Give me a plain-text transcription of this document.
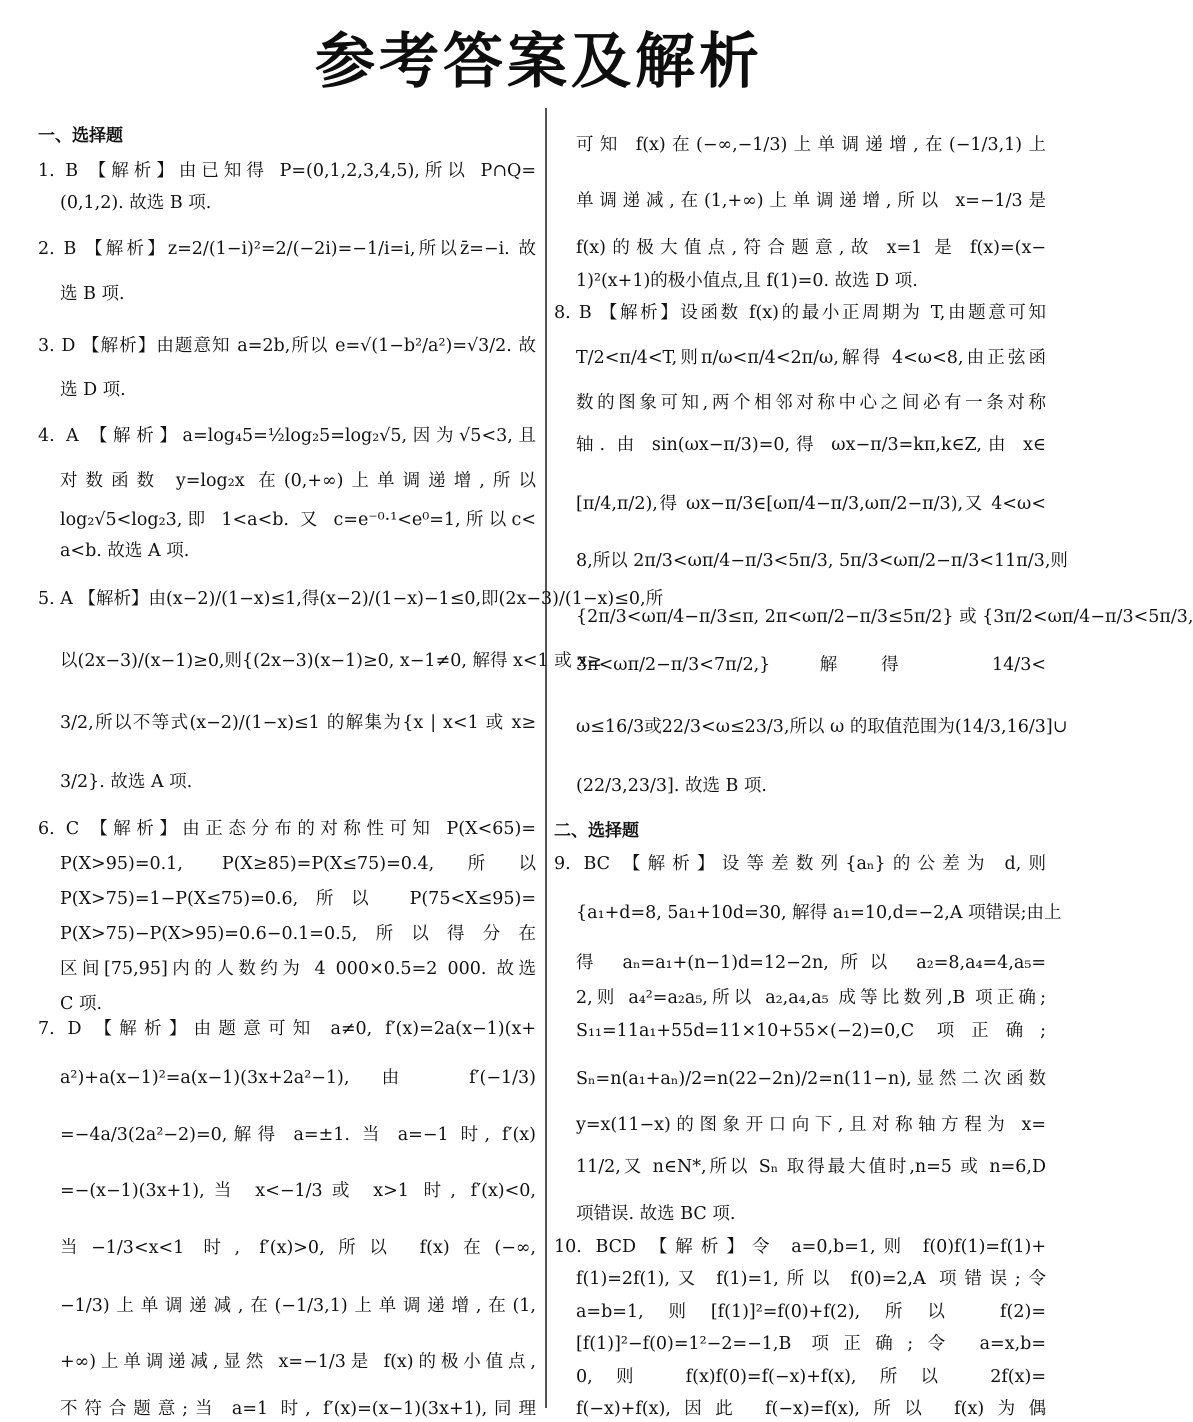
参考答案及解析
一、选择题
1. B 【解析】由已知得 P=(0,1,2,3,4,5),所以 P∩Q=
(0,1,2). 故选 B 项.
2. B 【解析】z=2/(1−i)²=2/(−2i)=−1/i=i,所以z̄=−i. 故
选 B 项.
3. D 【解析】由题意知 a=2b,所以 e=√(1−b²/a²)=√3/2. 故
选 D 项.
4. A 【解析】a=log₄5=½log₂5=log₂√5,因为√5<3,且
对数函数 y=log₂x 在(0,+∞)上单调递增,所以
log₂√5<log₂3,即 1<a<b. 又 c=e⁻⁰·¹<e⁰=1,所以c<
a<b. 故选 A 项.
5. A 【解析】由(x−2)/(1−x)≤1,得(x−2)/(1−x)−1≤0,即(2x−3)/(1−x)≤0,所
以(2x−3)/(x−1)≥0,则{(2x−3)(x−1)≥0, x−1≠0, 解得 x<1 或 x≥
3/2,所以不等式(x−2)/(1−x)≤1 的解集为{x | x<1 或 x≥
3/2}. 故选 A 项.
6. C 【解析】由正态分布的对称性可知 P(X<65)=
P(X>95)=0.1, P(X≥85)=P(X≤75)=0.4,所以
P(X>75)=1−P(X≤75)=0.6,所以 P(75<X≤95)=
P(X>75)−P(X>95)=0.6−0.1=0.5,所以得分在
区间[75,95]内的人数约为 4 000×0.5=2 000. 故选
C 项.
7. D 【解析】由题意可知 a≠0, f′(x)=2a(x−1)(x+
a²)+a(x−1)²=a(x−1)(3x+2a²−1),由 f′(−1/3)
=−4a/3(2a²−2)=0,解得 a=±1. 当 a=−1 时, f′(x)
=−(x−1)(3x+1),当 x<−1/3或 x>1 时, f′(x)<0,
当−1/3<x<1 时, f′(x)>0,所以 f(x)在(−∞,
−1/3)上单调递减,在(−1/3,1)上单调递增,在(1,
+∞)上单调递减,显然 x=−1/3是 f(x)的极小值点,
不符合题意;当 a=1 时, f′(x)=(x−1)(3x+1),同理
可知 f(x)在(−∞,−1/3)上单调递增,在(−1/3,1)上
单调递减,在(1,+∞)上单调递增,所以 x=−1/3是
f(x)的极大值点,符合题意,故 x=1 是 f(x)=(x−
1)²(x+1)的极小值点,且 f(1)=0. 故选 D 项.
8. B 【解析】设函数 f(x)的最小正周期为 T,由题意可知
T/2<π/4<T,则π/ω<π/4<2π/ω,解得 4<ω<8,由正弦函
数的图象可知,两个相邻对称中心之间必有一条对称
轴. 由 sin(ωx−π/3)=0,得 ωx−π/3=kπ,k∈Z,由 x∈
[π/4,π/2),得 ωx−π/3∈[ωπ/4−π/3,ωπ/2−π/3),又 4<ω<
8,所以 2π/3<ωπ/4−π/3<5π/3, 5π/3<ωπ/2−π/3<11π/3,则
{2π/3<ωπ/4−π/3≤π, 2π<ωπ/2−π/3≤5π/2} 或 {3π/2<ωπ/4−π/3<5π/3,
3π<ωπ/2−π/3<7π/2,} 解得 14/3<
ω≤16/3或22/3<ω≤23/3,所以 ω 的取值范围为(14/3,16/3]∪
(22/3,23/3]. 故选 B 项.
二、选择题
9. BC 【解析】设等差数列{aₙ}的公差为 d,则
{a₁+d=8, 5a₁+10d=30, 解得 a₁=10,d=−2,A 项错误;由上
得 aₙ=a₁+(n−1)d=12−2n,所以 a₂=8,a₄=4,a₅=
2,则 a₄²=a₂a₅,所以 a₂,a₄,a₅ 成等比数列,B 项正确;
S₁₁=11a₁+55d=11×10+55×(−2)=0,C 项正确;
Sₙ=n(a₁+aₙ)/2=n(22−2n)/2=n(11−n),显然二次函数
y=x(11−x)的图象开口向下,且对称轴方程为 x=
11/2,又 n∈N*,所以 Sₙ 取得最大值时,n=5 或 n=6,D
项错误. 故选 BC 项.
10. BCD 【解析】令 a=0,b=1,则 f(0)f(1)=f(1)+
f(1)=2f(1),又 f(1)=1,所以 f(0)=2,A 项错误;令
a=b=1,则[f(1)]²=f(0)+f(2),所以 f(2)=
[f(1)]²−f(0)=1²−2=−1,B 项正确;令 a=x,b=
0,则 f(x)f(0)=f(−x)+f(x),所以 2f(x)=
f(−x)+f(x),因此 f(−x)=f(x),所以 f(x)为偶
